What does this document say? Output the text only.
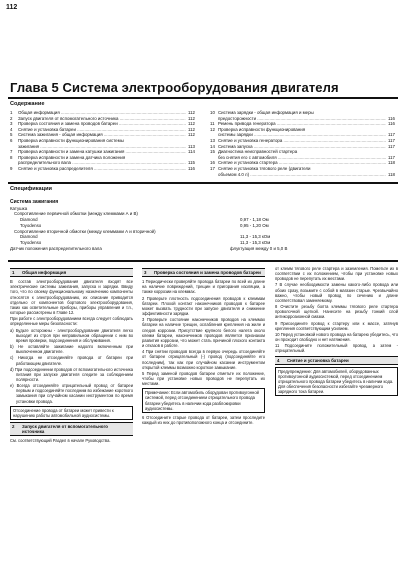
112
Глава 5 Система электрооборудования двигателя
Содержание
1	Общая информация .....	112
2	Запуск двигателя от вспомогательного источника .....	112
3	Проверка состояния и замена проводов батареи .....	112
4	Снятие и установка батареи .....	112
5	Система зажигания - общая информация .....	112
6	Проверка исправности функционирования системы
зажигания .....	113
7	Проверка исправности и замена катушки зажигания .....	114
8	Проверка исправности и замена датчика положения
распределительного вала .....	115
9	Снятие и установка распределителя .....	116
10 Система зарядки - общая информация и меры
предосторожности .....	116
11 Ремень привода генератора .....	116
12 Проверка исправности функционирования
системы зарядки .....	117
13 Снятие и установка генератора .....	117
14 Система запуска .....	117
15 Диагностика неисправностей стартера
без снятия его с автомобиля .....	117
16 Снятие и установка стартера .....	118
17 Снятие и установка тягового реле (двигатели
объемом 4.0 л) .....	118
Спецификации
Система зажигания
Катушка
Сопротивление первичной обмотки (между клеммами А и В)
Diamond	0,97 - 1,18 Ом
Toyodenso	0,95 - 1,20 Ом
Сопротивление вторичной обмотки (между клеммами А и вторичной)
Diamond	11,3 - 15,3 кОм
Toyodenso	11,3 - 15,3 кОм
Датчик положения распределительного вала	флуктуация между 0 и 5,0 В
1	Общая информация

В состав электрооборудования двигателя входят все электрические системы зажигания, запуска и зарядки. Ввиду того, что по своему функциональному назначению компоненты относятся к электрооборудованию, их описание приводится отдельно от компонентов бортового электрооборудования, таких как осветительные приборы, приборы управления и т.п., которые рассмотрены в Главе 12.

При работе с электрооборудованием всегда следует соблюдать определенные меры безопасности:

а) Будьте осторожны - электрооборудование двигателя легко выходит из строя при неправильном обращении с ним во время проверки, подсоединения и обслуживания.

b) Не оставляйте зажигание надолго включенным при выключенном двигателе.

c) Никогда не отсоединяйте провода от батареи при работающем двигателе.

d) При подсоединении проводов от вспомогательного источника питания при запуске двигателя следите за соблюдением полярности.

e) Всегда отсоединяйте отрицательный провод от батареи первым и подсоединяйте последним во избежание короткого замыкания при случайном касании инструментом по время установки провода.

Отсоединение провода от батареи может привести к нарушению работы автомобильной аудиосистемы.
2	Запуск двигателя от вспомогательного источника

См. соответствующий Раздел в начале Руководства.

3	Проверка состояния и замена проводов батареи

1 Периодически проверяйте провода батареи по всей их длине на наличие повреждений, трещин и пригорания изоляции, а также коррозии на клеммах.

2 Проверьте плотность подсоединения проводов к клеммам батареи. Плохой контакт наконечников проводов к батарее может вызвать трудности при запуске двигателя и снижение эффективности зарядки.

3 Проверьте состояние наконечников проводов на клеммах батареи на наличие трещин, ослабления крепления на жиле и следов коррозии. Присутствие крупного белого налета около клемм батареи, наконечников проводов является признаком развития коррозии, что может стать причиной плохого контакта и отказов в работе.

4 При снятии проводов всегда в первую очередь отсоединяйте от батареи отрицательный (-) провод (подсоединяйте его последним), так как при случайном касании инструментом открытой клеммы возможно короткое замыкание.

5 Перед заменой проводов батареи отметьте их положение, чтобы при установке новых проводов не перепутать их местами.

Примечание: Если автомобиль оборудован противоугонной системой, перед отсоединением отрицательного провода батареи убедитесь в наличии кода разблокировки аудиосистемы.

6 Отсоедините старые провода от батареи, затем проследите каждый из них до противоположного конца и отсоедините.

от клемм тягового реле стартера и заземления. Пометьте их в соответствии с их положением, чтобы при установке новых проводов не перепутать их местами.

7 В случае необходимости замены какого-либо провода или обоих сразу, возьмите с собой в магазин старые. Чрезвычайно важно, чтобы новый провод по сечению и длине соответствовал заменяемому.

8 Очистите резьбу болта клеммы тягового реле стартера проволочной щеткой. Нанесите на резьбу тонкий слой антикоррозионной смазки.

9 Присоедините провод к стартеру или к массе, затянув крепления соответствующим усилием.

10 Перед установкой нового провода на батарею убедитесь, что он проходит свободно и нет натяжения.

11 Подсоедините положительный провод, а затем - отрицательный.

4	Снятие и установка батареи
Предупреждение: Для автомобилей, оборудованных противоугонной аудиосистемой, перед отсоединением отрицательного провода батареи убедитесь в наличии кода. Для обеспечения безопасности избегайте чрезмерного зарядного тока батареи.
